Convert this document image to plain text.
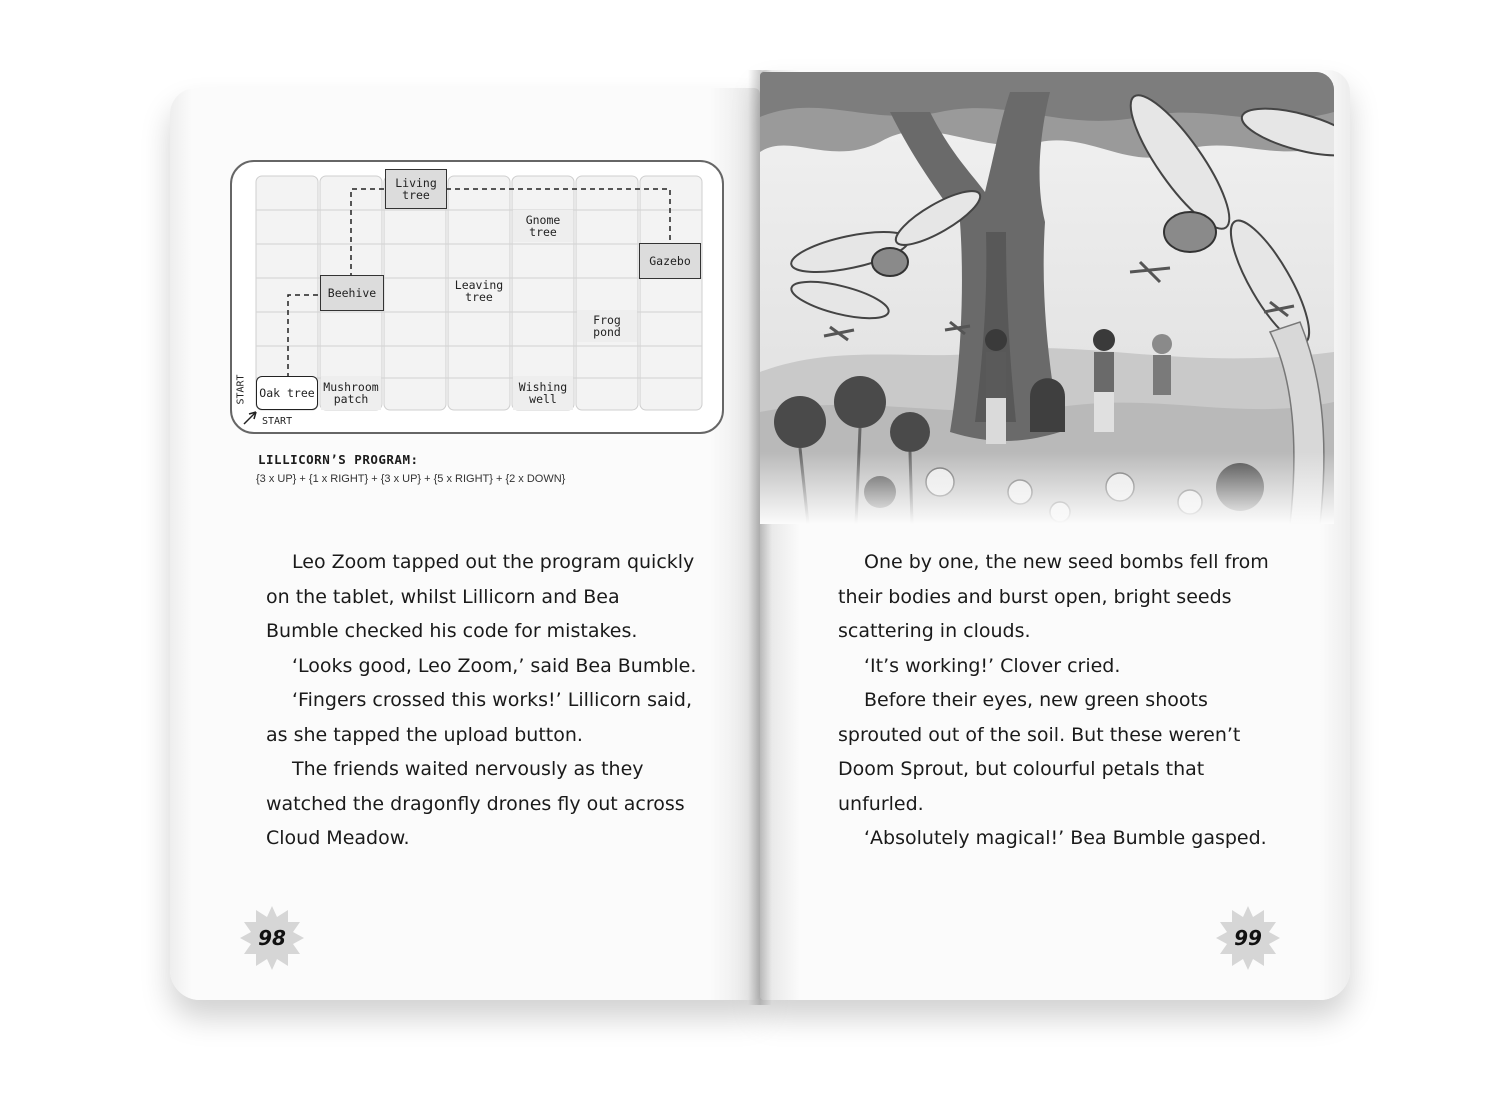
Living tree
Gnome tree
Gazebo
Beehive
Leaving tree
Frog pond
Oak tree Mushroom patch
Wishing well
START
START
LILLICORN’S PROGRAM:
{3 x UP} + {1 x RIGHT} + {3 x UP} + {5 x RIGHT} + {2 x DOWN}

Leo Zoom tapped out the program quickly

on the tablet, whilst Lillicorn and Bea

Bumble checked his code for mistakes.

‘Looks good, Leo Zoom,’ said Bea Bumble.

‘Fingers crossed this works!’ Lillicorn said,

as she tapped the upload button.

The friends waited nervously as they

watched the dragonfly drones fly out across

Cloud Meadow.

One by one, the new seed bombs fell from

their bodies and burst open, bright seeds

scattering in clouds.

‘It’s working!’ Clover cried.

Before their eyes, new green shoots

sprouted out of the soil. But these weren’t

Doom Sprout, but colourful petals that

unfurled.

‘Absolutely magical!’ Bea Bumble gasped.

98	99
